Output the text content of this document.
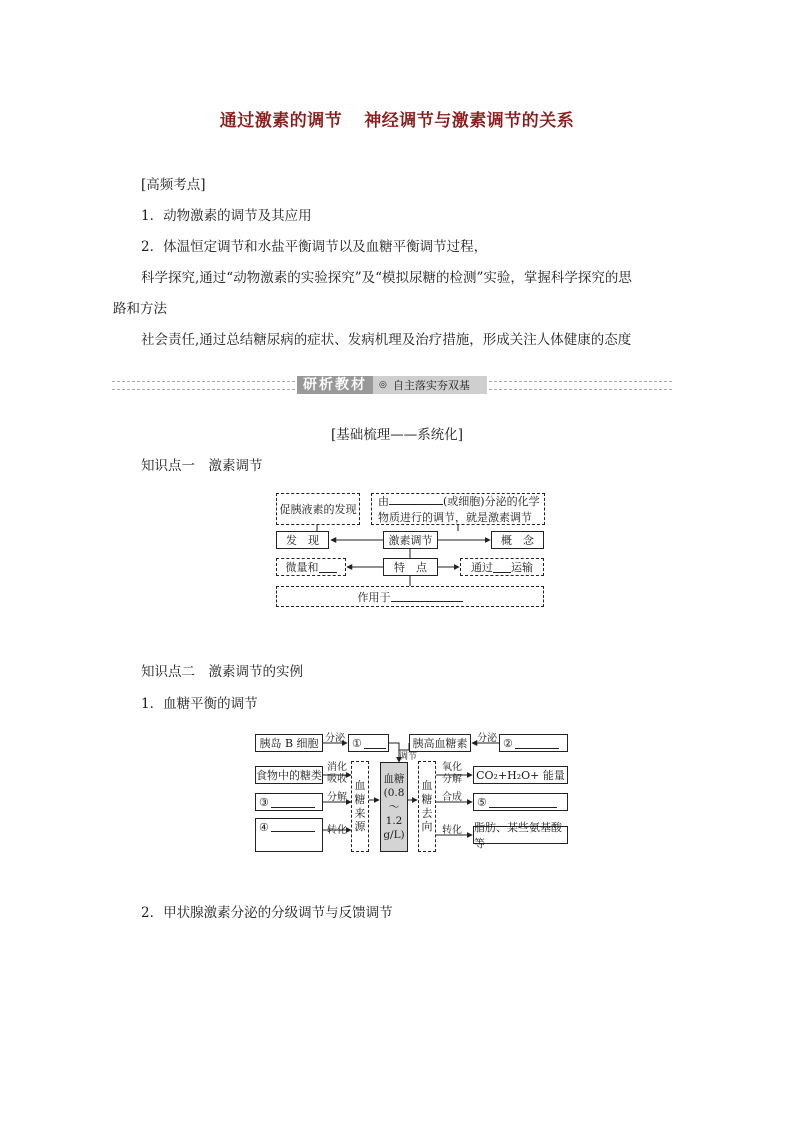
通过激素的调节 神经调节与激素调节的关系
[高频考点]
1．动物激素的调节及其应用
2．体温恒定调节和水盐平衡调节以及血糖平衡调节过程，
科学探究,通过“动物激素的实验探究”及“模拟尿糖的检测”实验，掌握科学探究的思
路和方法
社会责任,通过总结糖尿病的症状、发病机理及治疗措施，形成关注人体健康的态度
研析教材	◎ 自主落实夯双基
[基础梳理——系统化]
知识点一　激素调节
促胰液素的发现
由	(或细胞)分泌的化学
物质进行的调节，就是激素调节
发　现	激素调节	概　念
微量和	特　点	通过 运输
作用于
知识点二　激素调节的实例
1．血糖平衡的调节
胰岛 B 细胞 分泌 ①
调节
胰高血糖素 分泌 ②
食物中的糖类
消化
吸收
③	分解
④	转化
血
糖
来
源
血糖
(0.8
～
1.2
g/L)
血
糖
去
向
氧化
分解
合成
转化
CO₂+H₂O+ 能量
⑤
脂肪、某些氨基酸等
2．甲状腺激素分泌的分级调节与反馈调节
